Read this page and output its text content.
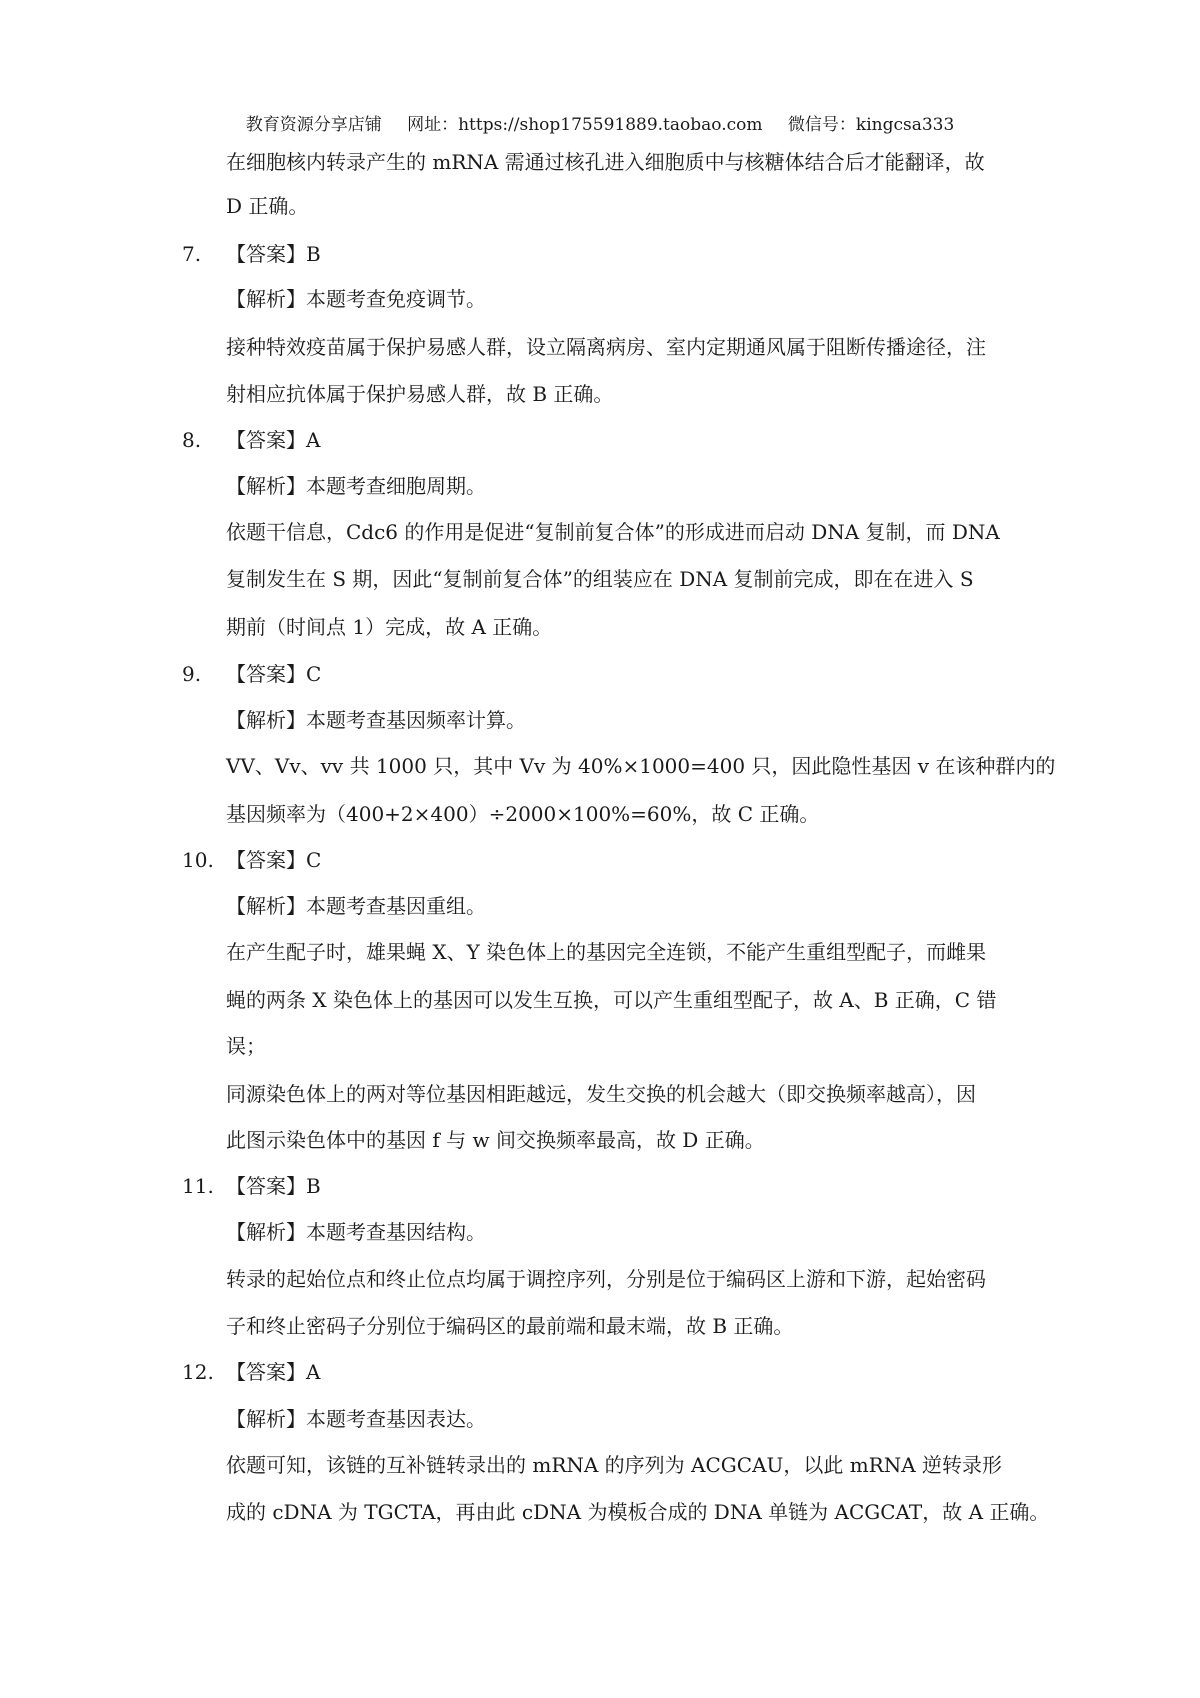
教育资源分享店铺 网址：https://shop175591889.taobao.com 微信号：kingcsa333
在细胞核内转录产生的 mRNA 需通过核孔进入细胞质中与核糖体结合后才能翻译，故
D 正确。
7. 【答案】B
【解析】本题考查免疫调节。
接种特效疫苗属于保护易感人群，设立隔离病房、室内定期通风属于阻断传播途径，注
射相应抗体属于保护易感人群，故 B 正确。
8. 【答案】A
【解析】本题考查细胞周期。
依题干信息，Cdc6 的作用是促进“复制前复合体”的形成进而启动 DNA 复制，而 DNA
复制发生在 S 期，因此“复制前复合体”的组装应在 DNA 复制前完成，即在在进入 S
期前（时间点 1）完成，故 A 正确。
9. 【答案】C
【解析】本题考查基因频率计算。
VV、Vv、vv 共 1000 只，其中 Vv 为 40%×1000=400 只，因此隐性基因 v 在该种群内的
基因频率为（400+2×400）÷2000×100%=60%，故 C 正确。
10. 【答案】C
【解析】本题考查基因重组。
在产生配子时，雄果蝇 X、Y 染色体上的基因完全连锁，不能产生重组型配子，而雌果
蝇的两条 X 染色体上的基因可以发生互换，可以产生重组型配子，故 A、B 正确，C 错
误；
同源染色体上的两对等位基因相距越远，发生交换的机会越大（即交换频率越高），因
此图示染色体中的基因 f 与 w 间交换频率最高，故 D 正确。
11. 【答案】B
【解析】本题考查基因结构。
转录的起始位点和终止位点均属于调控序列，分别是位于编码区上游和下游，起始密码
子和终止密码子分别位于编码区的最前端和最末端，故 B 正确。
12. 【答案】A
【解析】本题考查基因表达。
依题可知，该链的互补链转录出的 mRNA 的序列为 ACGCAU，以此 mRNA 逆转录形
成的 cDNA 为 TGCTA，再由此 cDNA 为模板合成的 DNA 单链为 ACGCAT，故 A 正确。
